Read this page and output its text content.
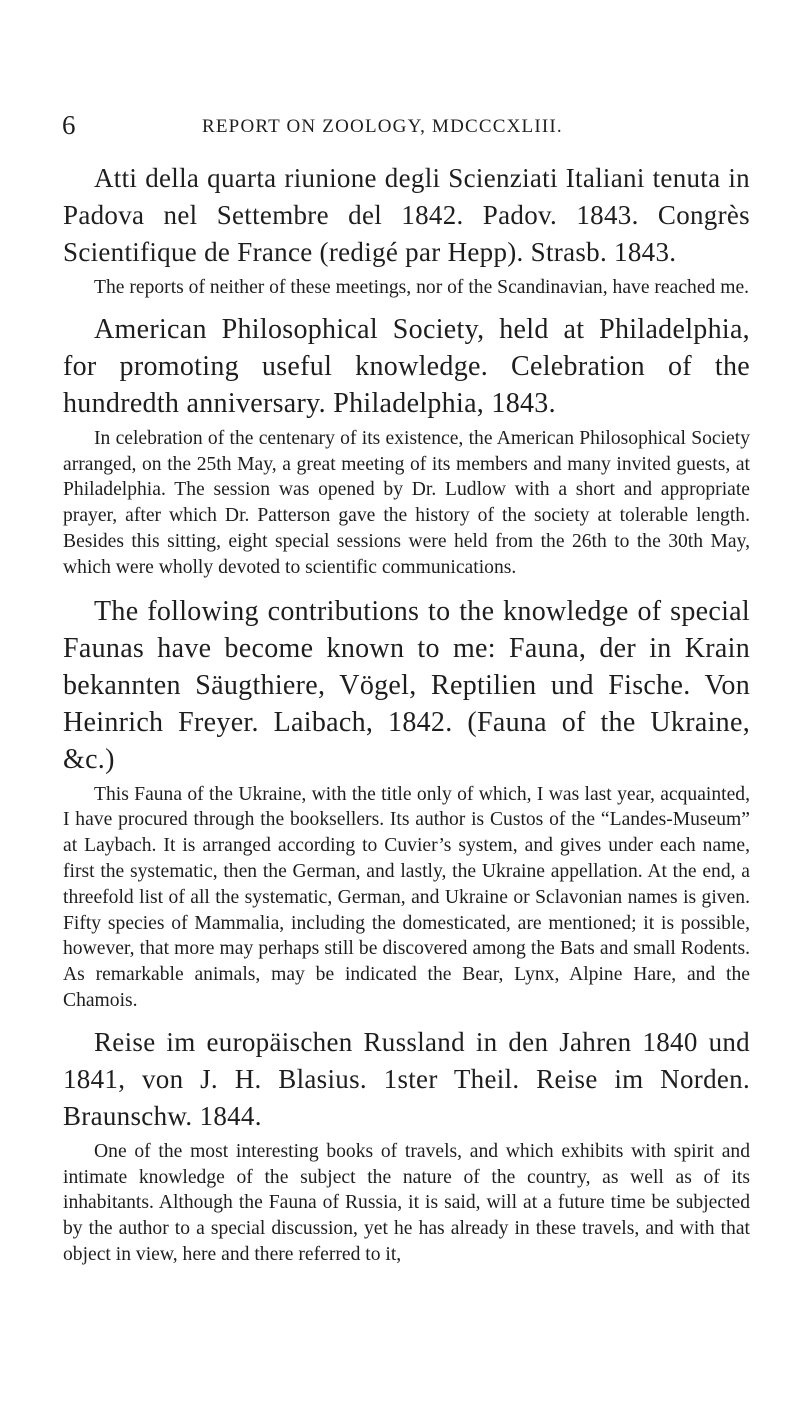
6	REPORT ON ZOOLOGY, MDCCCXLIII.

Atti della quarta riunione degli Scienziati Italiani tenuta in Padova nel Settembre del 1842. Padov. 1843. Congrès Scientifique de France (redigé par Hepp). Strasb. 1843.

The reports of neither of these meetings, nor of the Scandinavian, have reached me.

American Philosophical Society, held at Philadelphia, for promoting useful knowledge. Celebration of the hundredth anniversary. Philadelphia, 1843.

In celebration of the centenary of its existence, the American Philosophical Society arranged, on the 25th May, a great meeting of its members and many invited guests, at Philadelphia. The session was opened by Dr. Ludlow with a short and appropriate prayer, after which Dr. Patterson gave the history of the society at tolerable length. Besides this sitting, eight special sessions were held from the 26th to the 30th May, which were wholly devoted to scientific communications.

The following contributions to the knowledge of special Faunas have become known to me: Fauna, der in Krain bekannten Säugthiere, Vögel, Reptilien und Fische. Von Heinrich Freyer. Laibach, 1842. (Fauna of the Ukraine, &c.)

This Fauna of the Ukraine, with the title only of which, I was last year, acquainted, I have procured through the booksellers. Its author is Custos of the “Landes-Museum” at Laybach. It is arranged according to Cuvier’s system, and gives under each name, first the systematic, then the German, and lastly, the Ukraine appellation. At the end, a threefold list of all the systematic, German, and Ukraine or Sclavonian names is given. Fifty species of Mammalia, including the domesticated, are mentioned; it is possible, however, that more may perhaps still be discovered among the Bats and small Rodents. As remarkable animals, may be indicated the Bear, Lynx, Alpine Hare, and the Chamois.

Reise im europäischen Russland in den Jahren 1840 und 1841, von J. H. Blasius. 1ster Theil. Reise im Norden. Braunschw. 1844.

One of the most interesting books of travels, and which exhibits with spirit and intimate knowledge of the subject the nature of the country, as well as of its inhabitants. Although the Fauna of Russia, it is said, will at a future time be subjected by the author to a special discussion, yet he has already in these travels, and with that object in view, here and there referred to it,
